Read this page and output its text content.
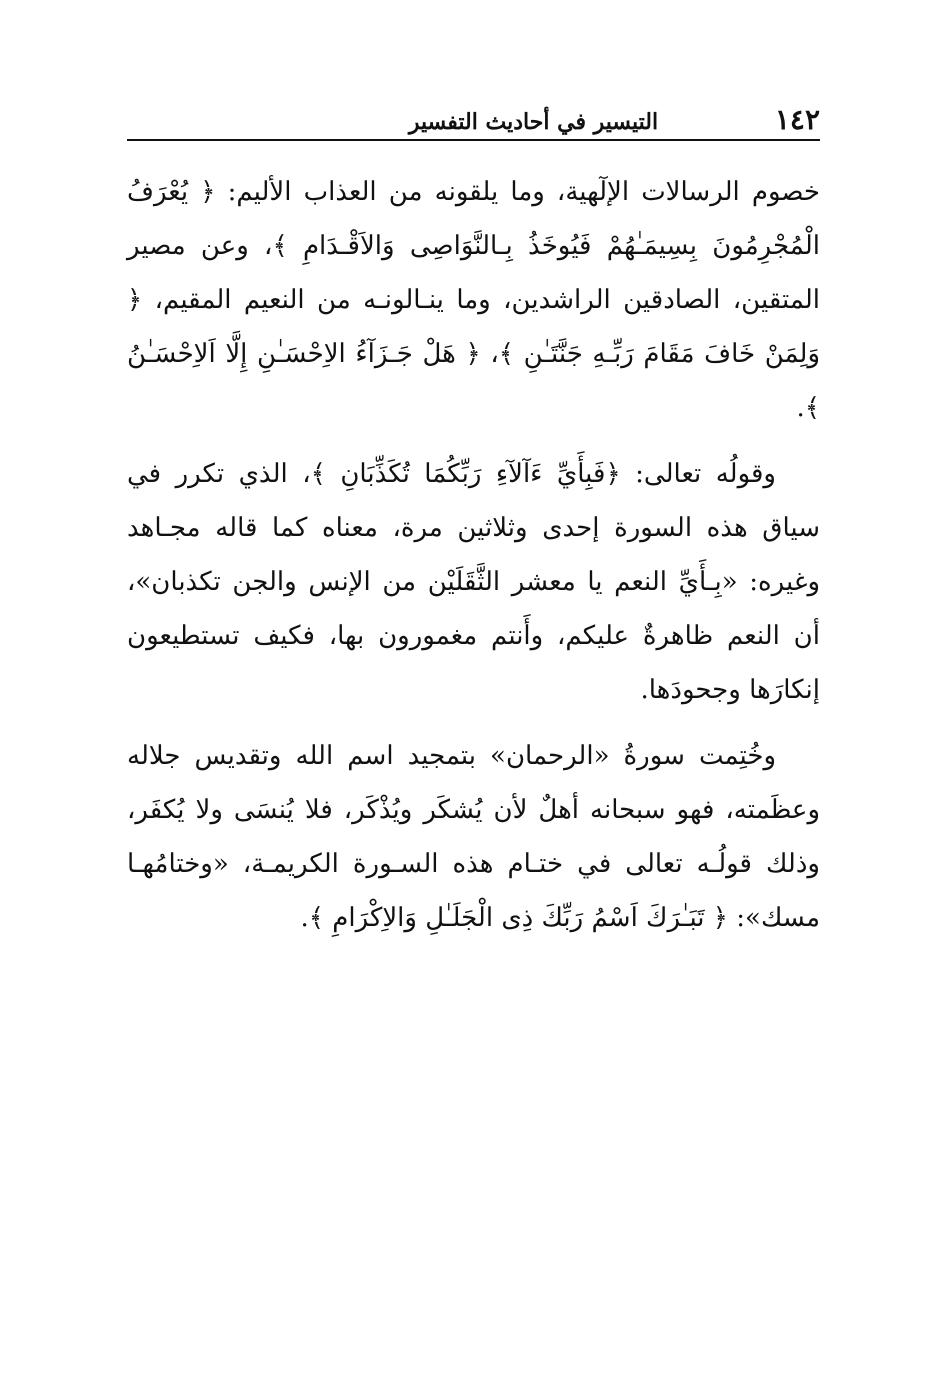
١٤٢
التيسير في أحاديث التفسير

خصوم الرسالات الإلٓهية، وما يلقونه من العذاب الأليم: ﴿ يُعْرَفُ الْمُجْرِمُونَ بِسِيمَـٰهُمْ فَيُوخَذُ بِـالنَّوَاصِى وَالاَقْـدَامِ ﴾، وعن مصير المتقين، الصادقين الراشدين، وما ينـالونـه من النعيم المقيم، ﴿ وَلِمَنْ خَافَ مَقَامَ رَبِّـهِ جَنَّتَـٰنِ ﴾، ﴿ هَلْ جَـزَآءُ الاِحْسَـٰنِ إِلَّا اَلاِحْسَـٰنُ ﴾.

وقولُه تعالى: ﴿فَبِأَيِّ ءَآلآءِ رَبِّكُمَا تُكَذِّبَانِ ﴾، الذي تكرر في سياق هذه السورة إحدى وثلاثين مرة، معناه كما قاله مجـاهد وغيره: «بِـأَيِّ النعم يا معشر الثَّقَلَيْن من الإنس والجن تكذبان»، أن النعم ظاهرةٌ عليكم، وأَنتم مغمورون بها، فكيف تستطيعون إنكارَها وجحودَها.

وخُتِمت سورةُ «الرحمان» بتمجيد اسم الله وتقديس جلاله وعظَمته، فهو سبحانه أهلٌ لأن يُشكَر ويُذْكَر، فلا يُنسَى ولا يُكفَر، وذلك قولُـه تعالى في ختـام هذه السـورة الكريمـة، «وختامُهـا مسك»: ﴿ تَبَـٰرَكَ اَسْمُ رَبِّكَ ذِى الْجَلَـٰلِ وَالاِكْرَامِ ﴾.
